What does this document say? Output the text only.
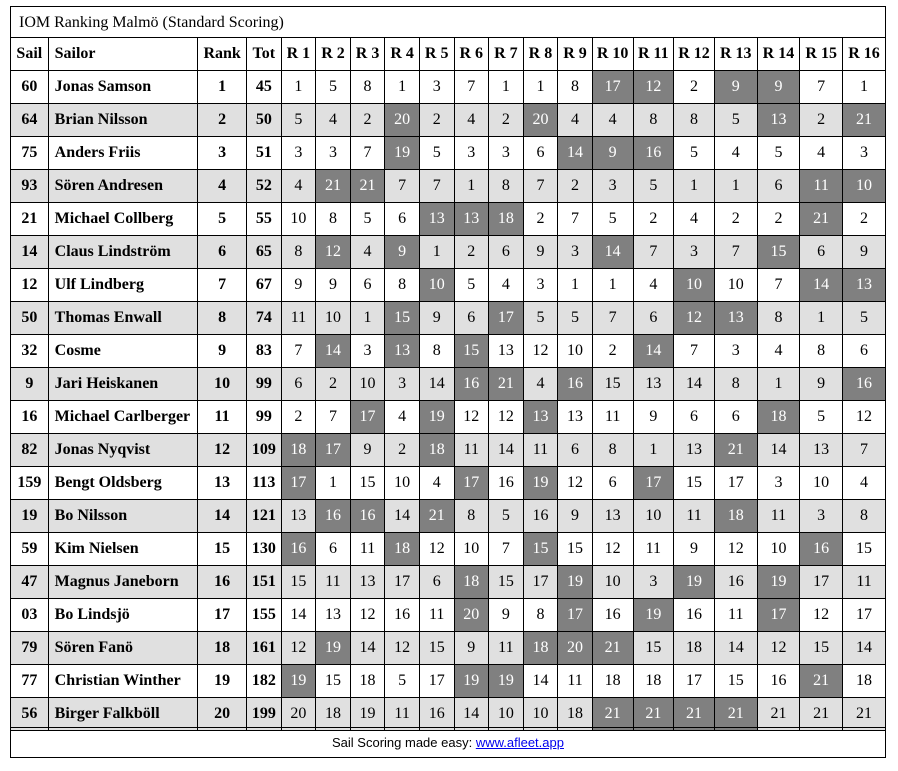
IOM Ranking Malmö (Standard Scoring)
Sail	Sailor	Rank	Tot	R 1	R 2	R 3	R 4	R 5	R 6	R 7	R 8	R 9	R 10	R 11	R 12	R 13	R 14	R 15	R 16
60	Jonas Samson	1	45	1	5	8	1	3	7	1	1	8	17	12	2	9	9	7	1
64	Brian Nilsson	2	50	5	4	2	20	2	4	2	20	4	4	8	8	5	13	2	21
75	Anders Friis	3	51	3	3	7	19	5	3	3	6	14	9	16	5	4	5	4	3
93	Sören Andresen	4	52	4	21	21	7	7	1	8	7	2	3	5	1	1	6	11	10
21	Michael Collberg	5	55	10	8	5	6	13	13	18	2	7	5	2	4	2	2	21	2
14	Claus Lindström	6	65	8	12	4	9	1	2	6	9	3	14	7	3	7	15	6	9
12	Ulf Lindberg	7	67	9	9	6	8	10	5	4	3	1	1	4	10	10	7	14	13
50	Thomas Enwall	8	74	11	10	1	15	9	6	17	5	5	7	6	12	13	8	1	5
32	Cosme	9	83	7	14	3	13	8	15	13	12	10	2	14	7	3	4	8	6
9	Jari Heiskanen	10	99	6	2	10	3	14	16	21	4	16	15	13	14	8	1	9	16
16	Michael Carlberger	11	99	2	7	17	4	19	12	12	13	13	11	9	6	6	18	5	12
82	Jonas Nyqvist	12	109	18	17	9	2	18	11	14	11	6	8	1	13	21	14	13	7
159	Bengt Oldsberg	13	113	17	1	15	10	4	17	16	19	12	6	17	15	17	3	10	4
19	Bo Nilsson	14	121	13	16	16	14	21	8	5	16	9	13	10	11	18	11	3	8
59	Kim Nielsen	15	130	16	6	11	18	12	10	7	15	15	12	11	9	12	10	16	15
47	Magnus Janeborn	16	151	15	11	13	17	6	18	15	17	19	10	3	19	16	19	17	11
03	Bo Lindsjö	17	155	14	13	12	16	11	20	9	8	17	16	19	16	11	17	12	17
79	Sören Fanö	18	161	12	19	14	12	15	9	11	18	20	21	15	18	14	12	15	14
77	Christian Winther	19	182	19	15	18	5	17	19	19	14	11	18	18	17	15	16	21	18
56	Birger Falkböll	20	199	20	18	19	11	16	14	10	10	18	21	21	21	21	21	21	21
Sail Scoring made easy: www.afleet.app
